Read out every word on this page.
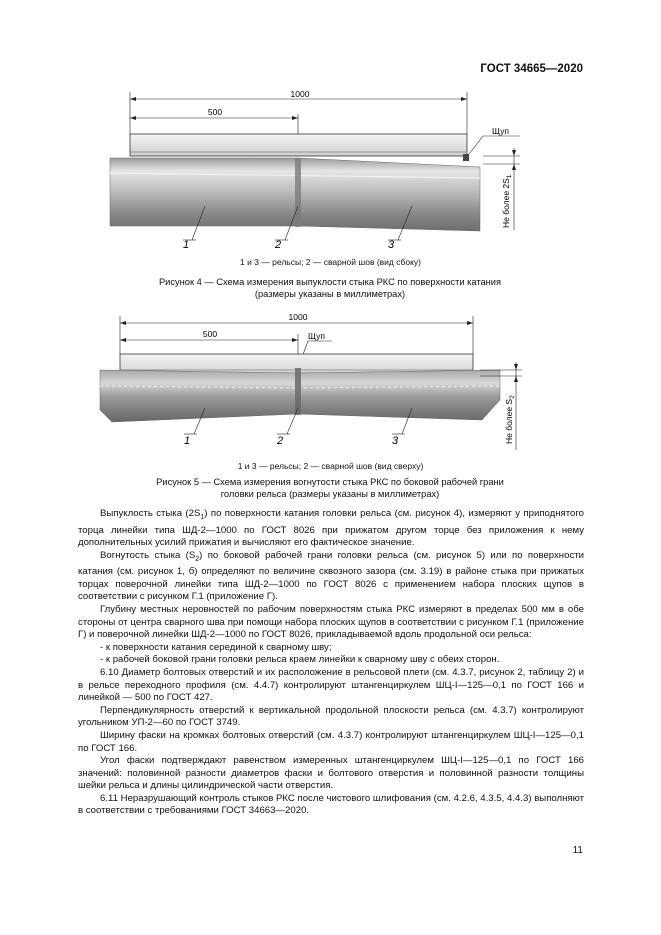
ГОСТ 34665—2020
1000
500
Щуп
Не более $2S_1$
1	2	3
1 и 3 — рельсы; 2 — сварной шов (вид сбоку)
Рисунок 4 — Схема измерения выпуклости стыка РКС по поверхности катания
(размеры указаны в миллиметрах)
1000
500	Щуп
Не более $S_2$
1	2	3
1 и 3 — рельсы; 2 — сварной шов (вид сверху)
Рисунок 5 — Схема измерения вогнутости стыка РКС по боковой рабочей грани
головки рельса (размеры указаны в миллиметрах)

Выпуклость стыка $(2S_1)$ по поверхности катания головки рельса (см. рисунок 4), измеряют у приподнятого торца линейки типа ШД-2—1000 по ГОСТ 8026 при прижатом другом торце без приложения к нему дополнительных усилий прижатия и вычисляют его фактическое значение.

Вогнутость стыка $(S_2)$ по боковой рабочей грани головки рельса (см. рисунок 5) или по поверхности катания (см. рисунок 1, б) определяют по величине сквозного зазора (см. 3.19) в районе стыка при прижатых торцах поверочной линейки типа ШД-2—1000 по ГОСТ 8026 с применением набора плоских щупов в соответствии с рисунком Г.1 (приложение Г).

Глубину местных неровностей по рабочим поверхностям стыка РКС измеряют в пределах 500 мм в обе стороны от центра сварного шва при помощи набора плоских щупов в соответствии с рисунком Г.1 (приложение Г) и поверочной линейки ШД-2—1000 по ГОСТ 8026, прикладываемой вдоль продольной оси рельса:

- к поверхности катания серединой к сварному шву;

- к рабочей боковой грани головки рельса краем линейки к сварному шву с обеих сторон.

6.10 Диаметр болтовых отверстий и их расположение в рельсовой плети (см. 4.3.7, рисунок 2, таблицу 2) и в рельсе переходного профиля (см. 4.4.7) контролируют штангенциркулем ШЦ-I—125—0,1 по ГОСТ 166 и линейкой — 500 по ГОСТ 427.

Перпендикулярность отверстий к вертикальной продольной плоскости рельса (см. 4.3.7) контролируют угольником УП-2—60 по ГОСТ 3749.

Ширину фаски на кромках болтовых отверстий (см. 4.3.7) контролируют штангенциркулем ШЦ-I—125—0,1 по ГОСТ 166.

Угол фаски подтверждают равенством измеренных штангенциркулем ШЦ-I—125—0,1 по ГОСТ 166 значений: половинной разности диаметров фаски и болтового отверстия и половинной разности толщины шейки рельса и длины цилиндрической части отверстия.

6.11 Неразрушающий контроль стыков РКС после чистового шлифования (см. 4.2.6, 4.3.5, 4.4.3) выполняют в соответствии с требованиями ГОСТ 34663—2020.

11
